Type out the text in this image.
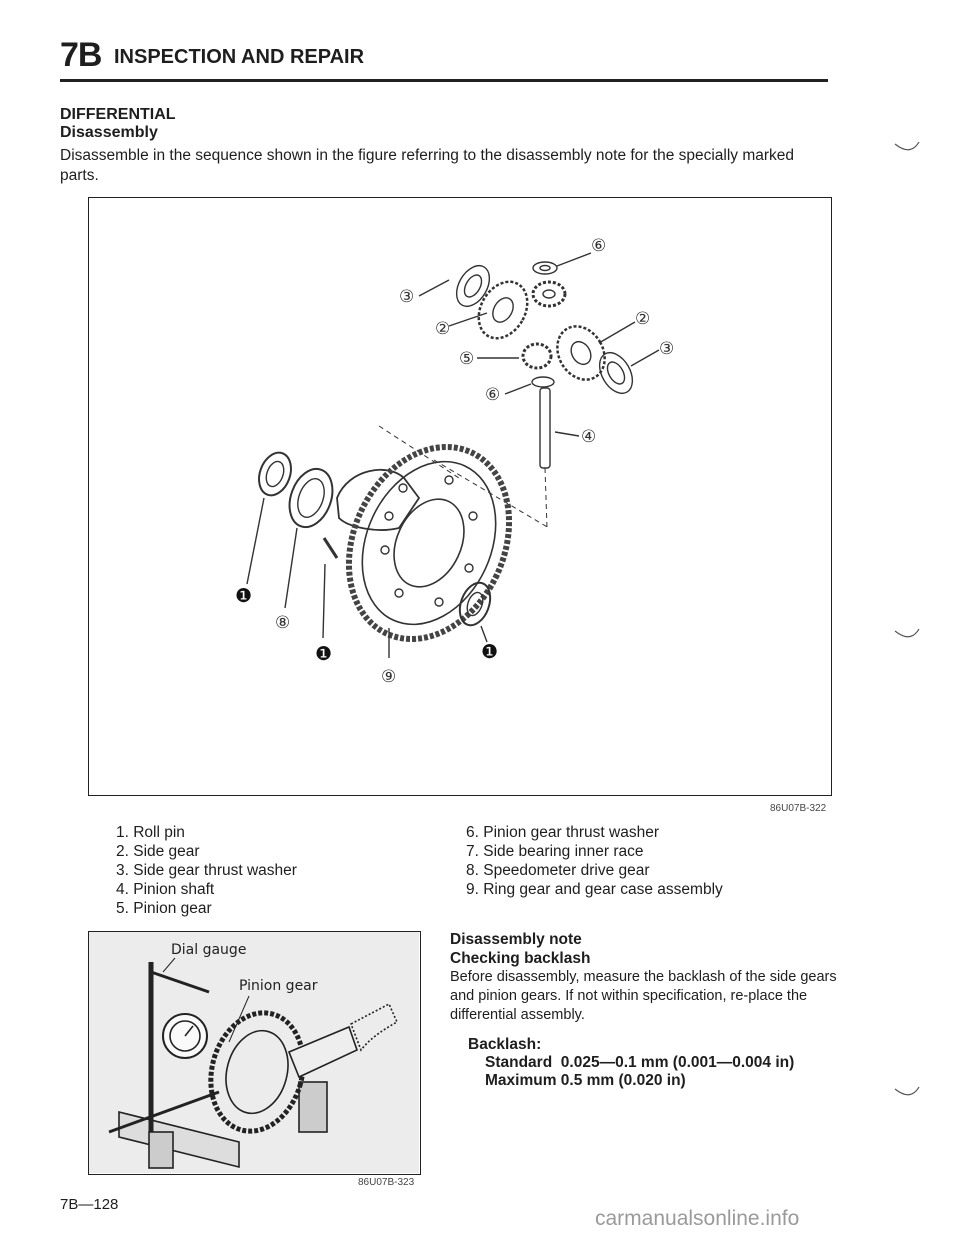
7B INSPECTION AND REPAIR
DIFFERENTIAL
Disassembly
Disassemble in the sequence shown in the figure referring to the disassembly note for the specially marked parts.
③
②
⑤
⑥
⑥
②
③
④
⑧
⑨
❶
❶	❶
86U07B-322
1. Roll pin
2. Side gear
3. Side gear thrust washer
4. Pinion shaft
5. Pinion gear
6. Pinion gear thrust washer
7. Side bearing inner race
8. Speedometer drive gear
9. Ring gear and gear case assembly
Dial gauge
Pinion gear
86U07B-323
Disassembly note
Checking backlash
Before disassembly, measure the backlash of the side gears and pinion gears. If not within specification, re-place the differential assembly.
Backlash:
Standard  0.025—0.1 mm (0.001—0.004 in)
Maximum 0.5 mm (0.020 in)
7B—128
carmanualsonline.info
